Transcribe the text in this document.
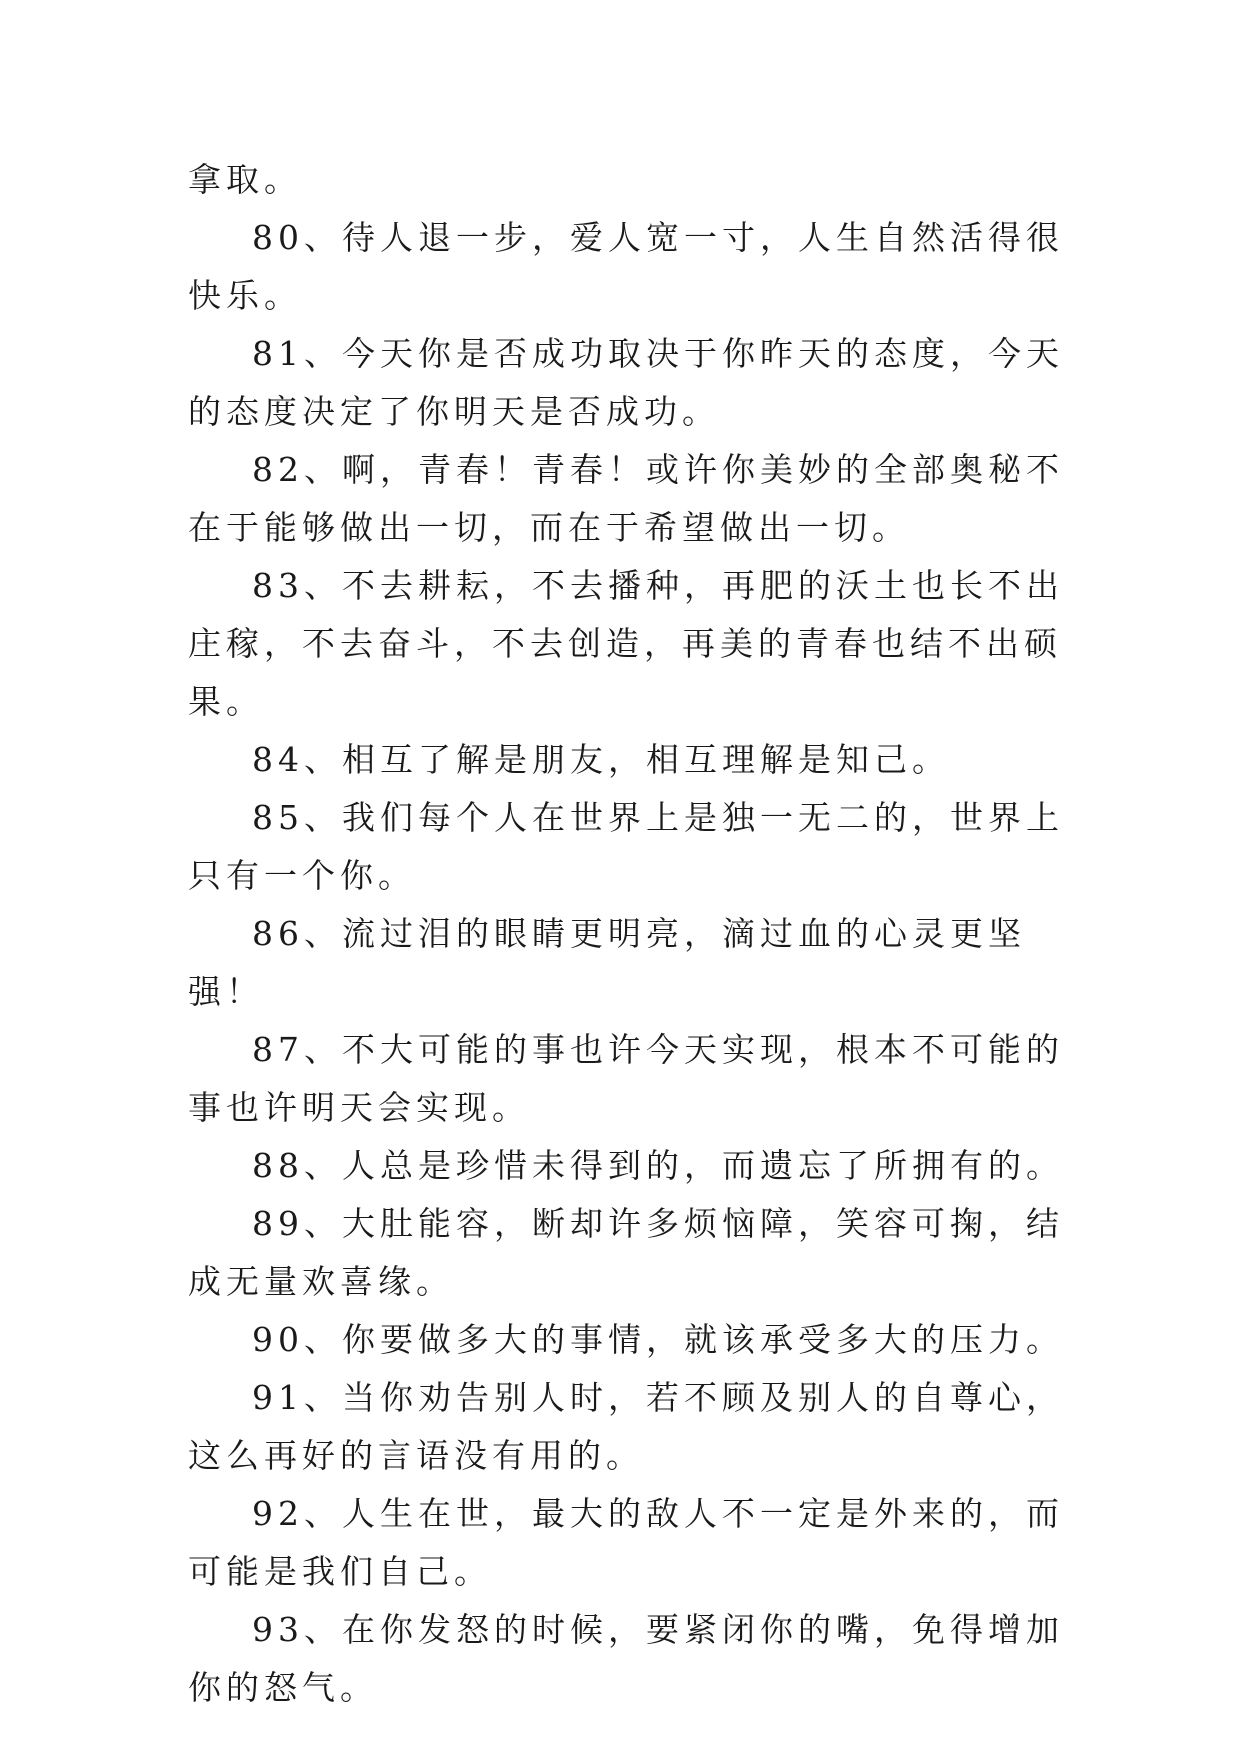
拿取。

80、待人退一步，爱人宽一寸，人生自然活得很快乐。

81、今天你是否成功取决于你昨天的态度，今天的态度决定了你明天是否成功。

82、啊，青春！青春！或许你美妙的全部奥秘不在于能够做出一切，而在于希望做出一切。

83、不去耕耘，不去播种，再肥的沃土也长不出庄稼，不去奋斗，不去创造，再美的青春也结不出硕果。

84、相互了解是朋友，相互理解是知己。

85、我们每个人在世界上是独一无二的，世界上只有一个你。

86、流过泪的眼睛更明亮，滴过血的心灵更坚强！

87、不大可能的事也许今天实现，根本不可能的事也许明天会实现。

88、人总是珍惜未得到的，而遗忘了所拥有的。

89、大肚能容，断却许多烦恼障，笑容可掬，结成无量欢喜缘。

90、你要做多大的事情，就该承受多大的压力。

91、当你劝告别人时，若不顾及别人的自尊心，这么再好的言语没有用的。

92、人生在世，最大的敌人不一定是外来的，而可能是我们自己。

93、在你发怒的时候，要紧闭你的嘴，免得增加你的怒气。
